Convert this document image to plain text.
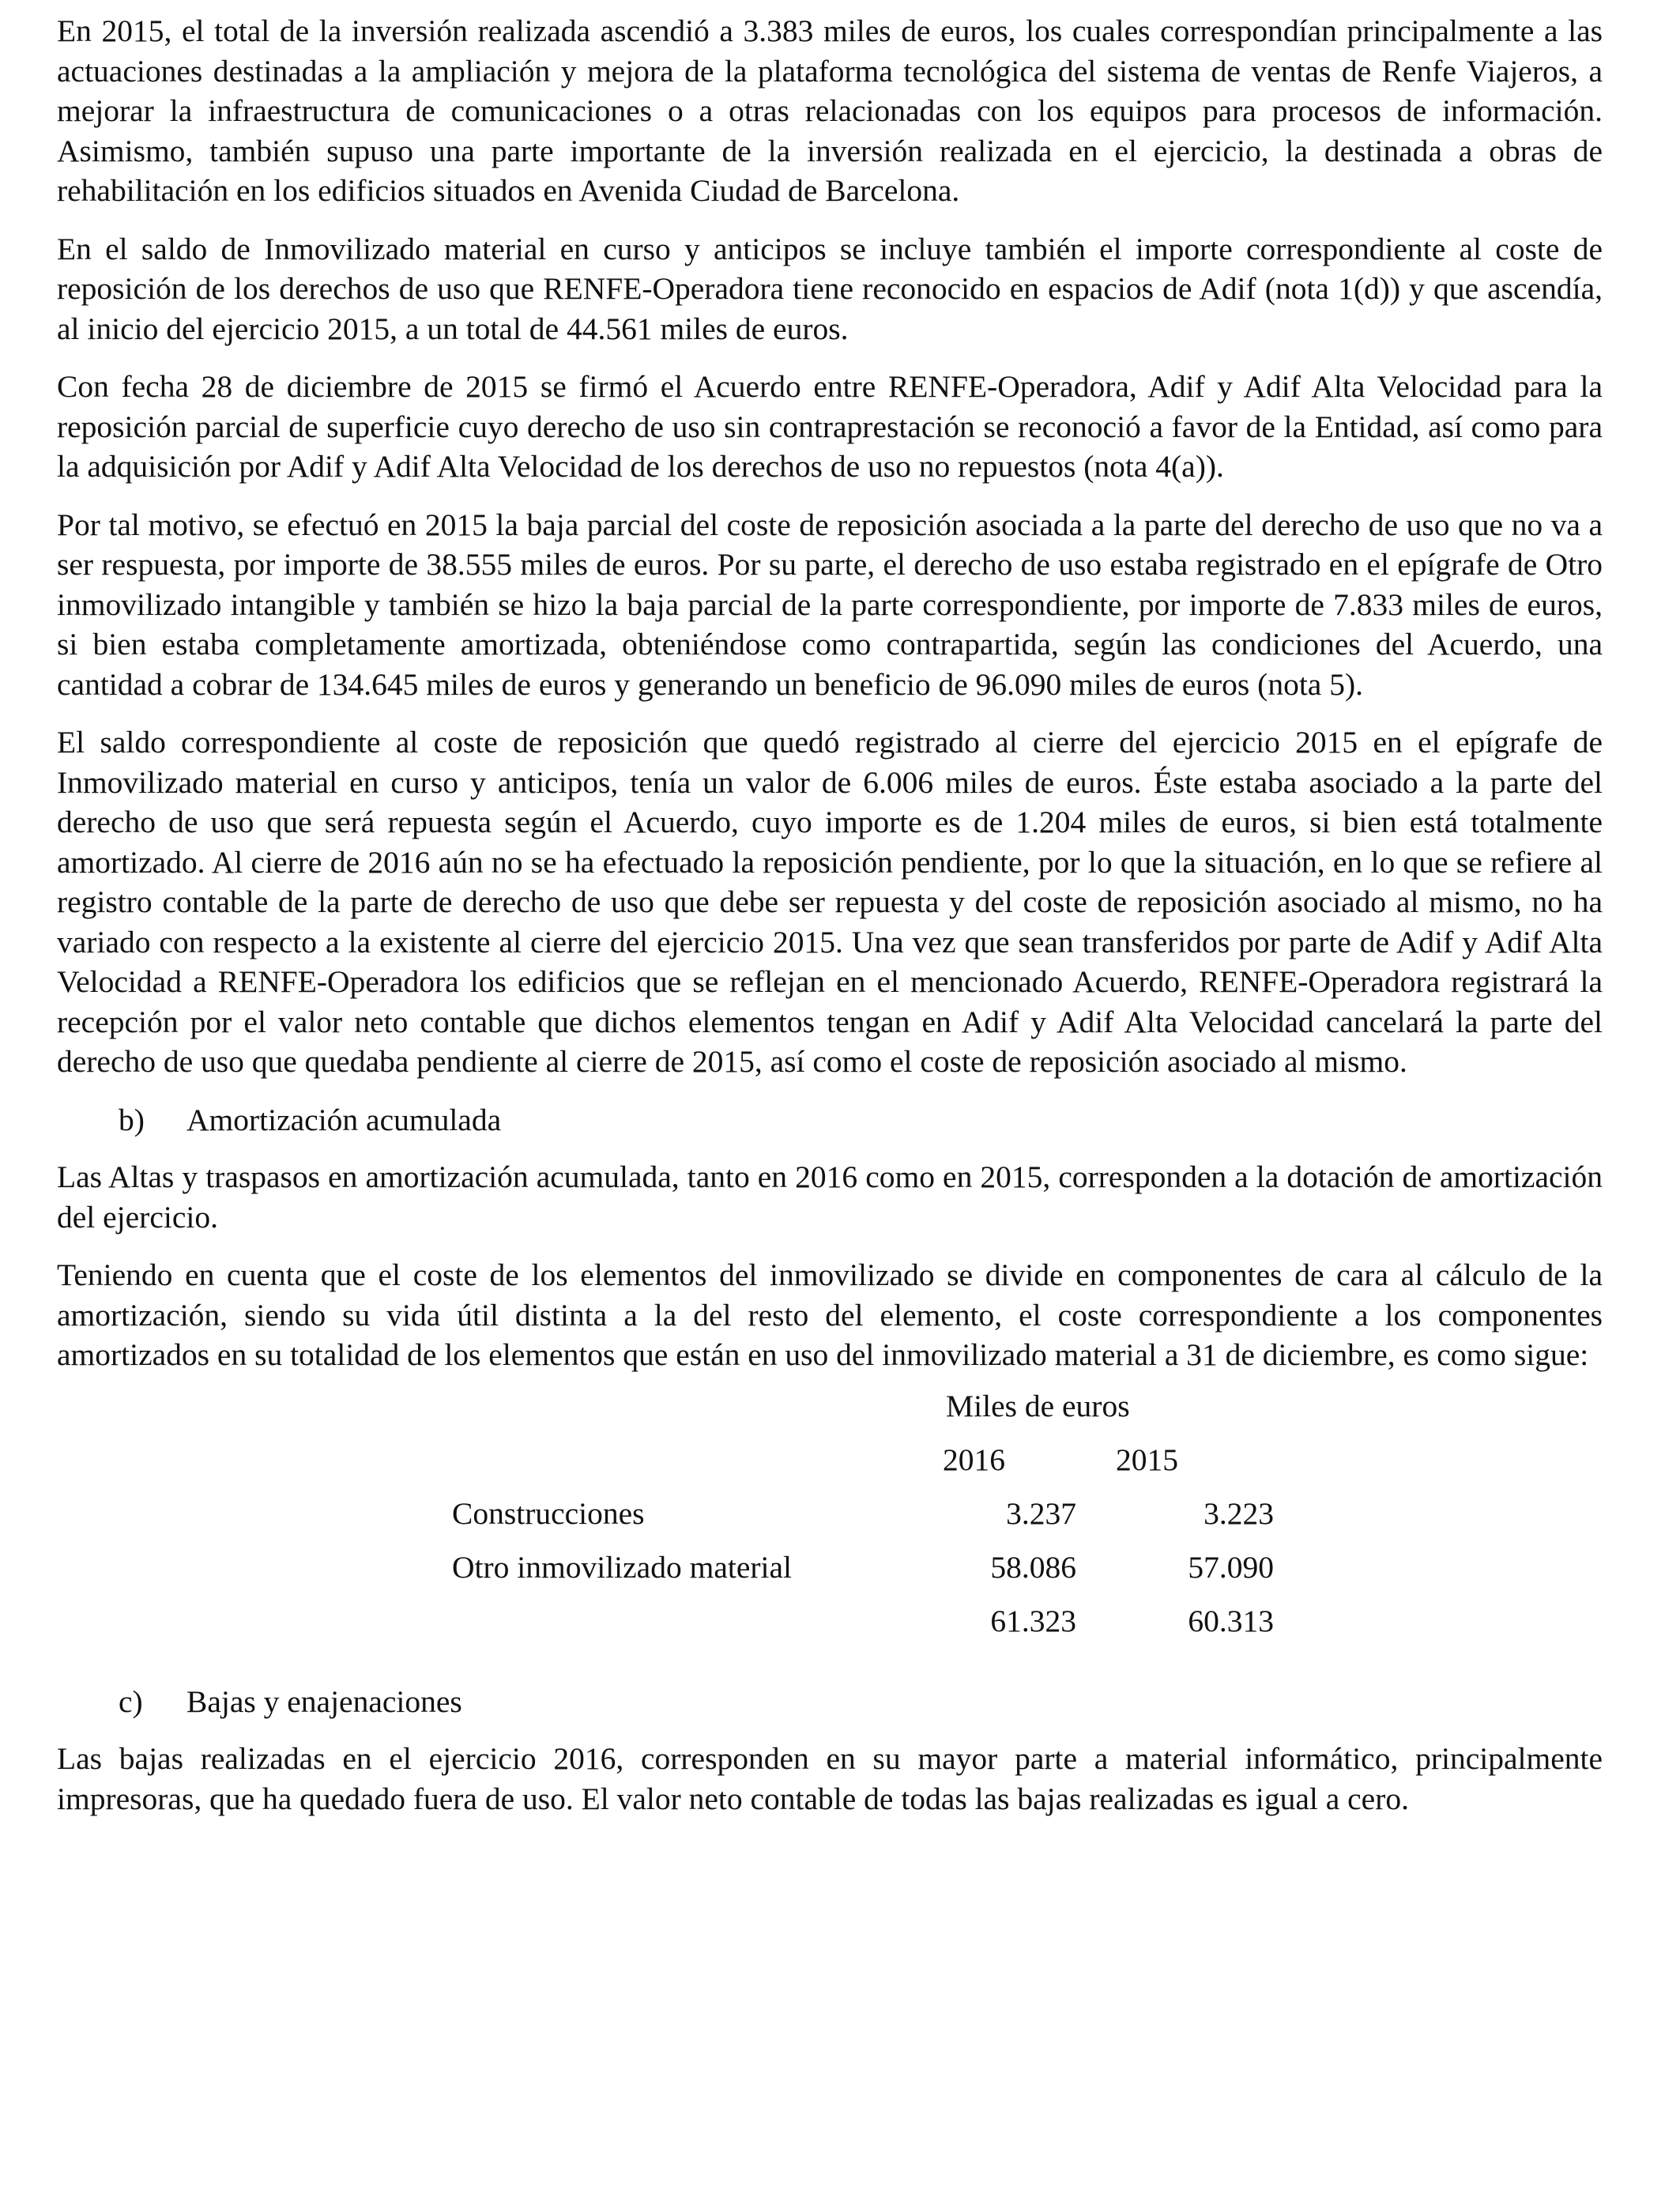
En 2015, el total de la inversión realizada ascendió a 3.383 miles de euros, los cuales correspondían principalmente a las actuaciones destinadas a la ampliación y mejora de la plataforma tecnológica del sistema de ventas de Renfe Viajeros, a mejorar la infraestructura de comunicaciones o a otras relacionadas con los equipos para procesos de información. Asimismo, también supuso una parte importante de la inversión realizada en el ejercicio, la destinada a obras de rehabilitación en los edificios situados en Avenida Ciudad de Barcelona.

En el saldo de Inmovilizado material en curso y anticipos se incluye también el importe correspondiente al coste de reposición de los derechos de uso que RENFE-Operadora tiene reconocido en espacios de Adif (nota 1(d)) y que ascendía, al inicio del ejercicio 2015, a un total de 44.561 miles de euros.

Con fecha 28 de diciembre de 2015 se firmó el Acuerdo entre RENFE-Operadora, Adif y Adif Alta Velocidad para la reposición parcial de superficie cuyo derecho de uso sin contraprestación se reconoció a favor de la Entidad, así como para la adquisición por Adif y Adif Alta Velocidad de los derechos de uso no repuestos (nota 4(a)).

Por tal motivo, se efectuó en 2015 la baja parcial del coste de reposición asociada a la parte del derecho de uso que no va a ser respuesta, por importe de 38.555 miles de euros. Por su parte, el derecho de uso estaba registrado en el epígrafe de Otro inmovilizado intangible y también se hizo la baja parcial de la parte correspondiente, por importe de 7.833 miles de euros, si bien estaba completamente amortizada, obteniéndose como contrapartida, según las condiciones del Acuerdo, una cantidad a cobrar de 134.645 miles de euros y generando un beneficio de 96.090 miles de euros (nota 5).

El saldo correspondiente al coste de reposición que quedó registrado al cierre del ejercicio 2015 en el epígrafe de Inmovilizado material en curso y anticipos, tenía un valor de 6.006 miles de euros. Éste estaba asociado a la parte del derecho de uso que será repuesta según el Acuerdo, cuyo importe es de 1.204 miles de euros, si bien está totalmente amortizado. Al cierre de 2016 aún no se ha efectuado la reposición pendiente, por lo que la situación, en lo que se refiere al registro contable de la parte de derecho de uso que debe ser repuesta y del coste de reposición asociado al mismo, no ha variado con respecto a la existente al cierre del ejercicio 2015. Una vez que sean transferidos por parte de Adif y Adif Alta Velocidad a RENFE-Operadora los edificios que se reflejan en el mencionado Acuerdo, RENFE-Operadora registrará la recepción por el valor neto contable que dichos elementos tengan en Adif y Adif Alta Velocidad cancelará la parte del derecho de uso que quedaba pendiente al cierre de 2015, así como el coste de reposición asociado al mismo.

b)	Amortización acumulada

Las Altas y traspasos en amortización acumulada, tanto en 2016 como en 2015, corresponden a la dotación de amortización del ejercicio.

Teniendo en cuenta que el coste de los elementos del inmovilizado se divide en componentes de cara al cálculo de la amortización, siendo su vida útil distinta a la del resto del elemento, el coste correspondiente a los componentes amortizados en su totalidad de los elementos que están en uso del inmovilizado material a 31 de diciembre, es como sigue:

Miles de euros
2016	2015
Construcciones	3.237	3.223
Otro inmovilizado material	58.086	57.090
61.323	60.313
c)	Bajas y enajenaciones

Las bajas realizadas en el ejercicio 2016, corresponden en su mayor parte a material informático, principalmente impresoras, que ha quedado fuera de uso. El valor neto contable de todas las bajas realizadas es igual a cero.
